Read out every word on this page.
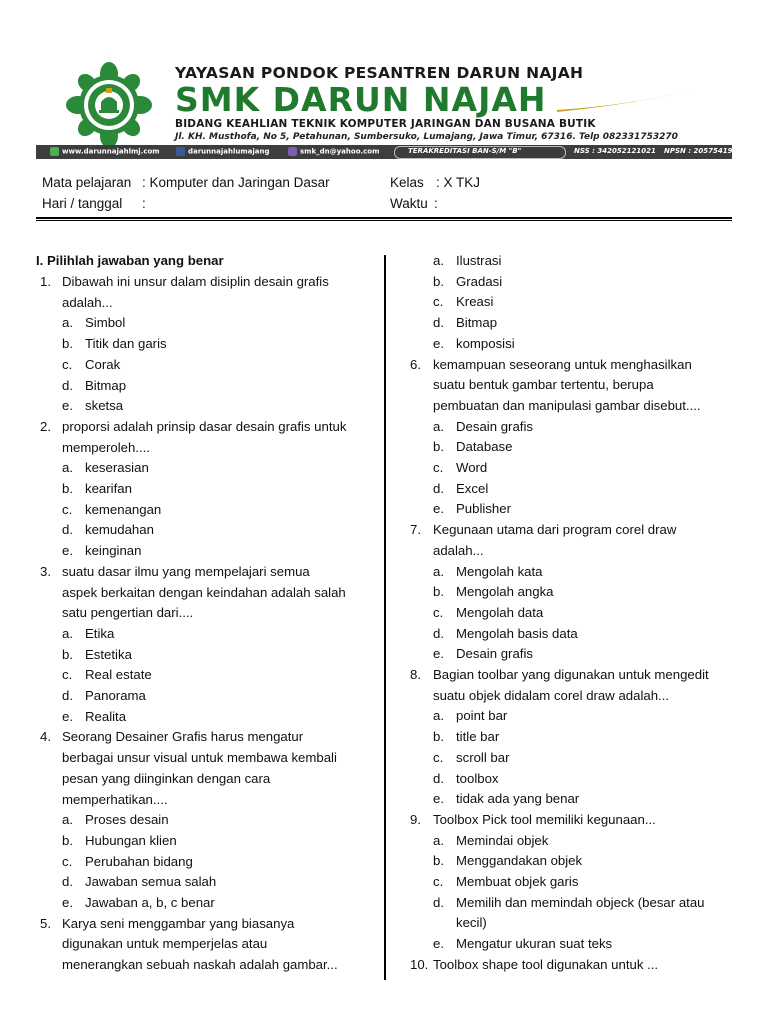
YAYASAN PONDOK PESANTREN DARUN NAJAH
SMK DARUN NAJAH
BIDANG KEAHLIAN TEKNIK KOMPUTER JARINGAN DAN BUSANA BUTIK
Jl. KH. Musthofa, No 5, Petahunan, Sumbersuko, Lumajang, Jawa Timur, 67316. Telp 082331753270
www.darunnajahlmj.com	darunnajahlumajang	smk_dn@yahoo.com	TERAKREDITASI BAN-S/M "B"	NSS : 342052121021 NPSN : 20575419
Mata pelajaran : Komputer dan Jaringan Dasar
Hari / tanggal :
Kelas : X TKJ
Waktu :
I. Pilihlah jawaban yang benar
1. Dibawah ini unsur dalam disiplin desain grafis
adalah...
a. Simbol
b. Titik dan garis
c. Corak
d. Bitmap
e. sketsa
2. proporsi adalah prinsip dasar desain grafis untuk
memperoleh....
a. keserasian
b. kearifan
c. kemenangan
d. kemudahan
e. keinginan
3. suatu dasar ilmu yang mempelajari semua
aspek berkaitan dengan keindahan adalah salah
satu pengertian dari....
a. Etika
b. Estetika
c. Real estate
d. Panorama
e. Realita
4. Seorang Desainer Grafis harus mengatur
berbagai unsur visual untuk membawa kembali
pesan yang diinginkan dengan cara
memperhatikan....
a. Proses desain
b. Hubungan klien
c. Perubahan bidang
d. Jawaban semua salah
e. Jawaban a, b, c benar
5. Karya seni menggambar yang biasanya
digunakan untuk memperjelas atau
menerangkan sebuah naskah adalah gambar...
a. Ilustrasi
b. Gradasi
c. Kreasi
d. Bitmap
e. komposisi
6. kemampuan seseorang untuk menghasilkan
suatu bentuk gambar tertentu, berupa
pembuatan dan manipulasi gambar disebut....
a. Desain grafis
b. Database
c. Word
d. Excel
e. Publisher
7. Kegunaan utama dari program corel draw
adalah...
a. Mengolah kata
b. Mengolah angka
c. Mengolah data
d. Mengolah basis data
e. Desain grafis
8. Bagian toolbar yang digunakan untuk mengedit
suatu objek didalam corel draw adalah...
a. point bar
b. title bar
c. scroll bar
d. toolbox
e. tidak ada yang benar
9. Toolbox Pick tool memiliki kegunaan...
a. Memindai objek
b. Menggandakan objek
c. Membuat objek garis
d. Memilih dan memindah objeck (besar atau
kecil)
e. Mengatur ukuran suat teks
10. Toolbox shape tool digunakan untuk ...
